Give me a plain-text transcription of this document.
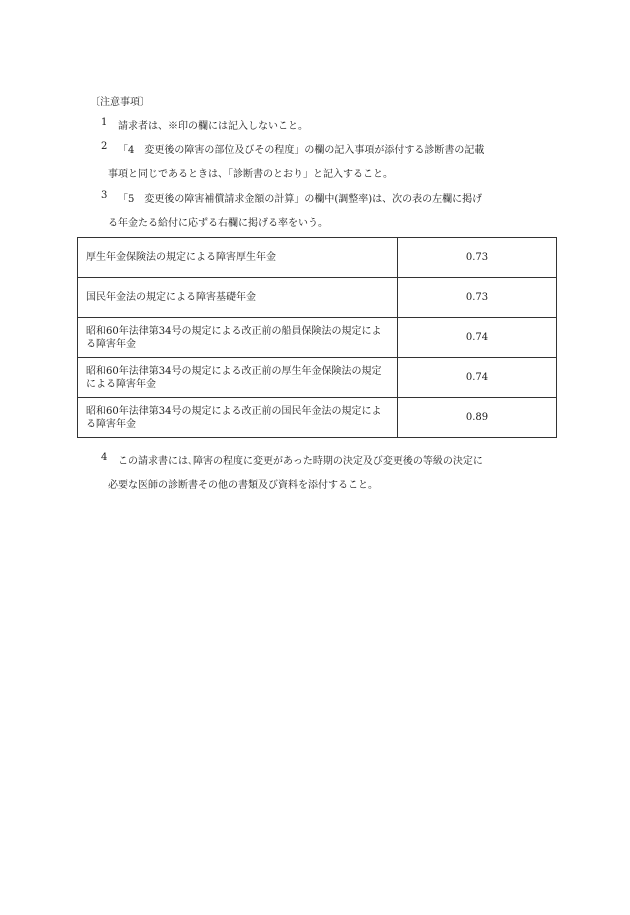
〔注意事項〕
1 請求者は、※印の欄には記入しないこと。
2 「4　変更後の障害の部位及びその程度」の欄の記入事項が添付する診断書の記載
事項と同じであるときは、「診断書のとおり」と記入すること。
3 「5　変更後の障害補償請求金額の計算」の欄中(調整率)は、次の表の左欄に掲げ
る年金たる給付に応ずる右欄に掲げる率をいう。
厚生年金保険法の規定による障害厚生年金	0.73
国民年金法の規定による障害基礎年金	0.73
昭和60年法律第34号の規定による改正前の船員保険法の規定による障害年金	0.74
昭和60年法律第34号の規定による改正前の厚生年金保険法の規定による障害年金	0.74
昭和60年法律第34号の規定による改正前の国民年金法の規定による障害年金	0.89
4 この請求書には､障害の程度に変更があった時期の決定及び変更後の等級の決定に
必要な医師の診断書その他の書類及び資料を添付すること。
